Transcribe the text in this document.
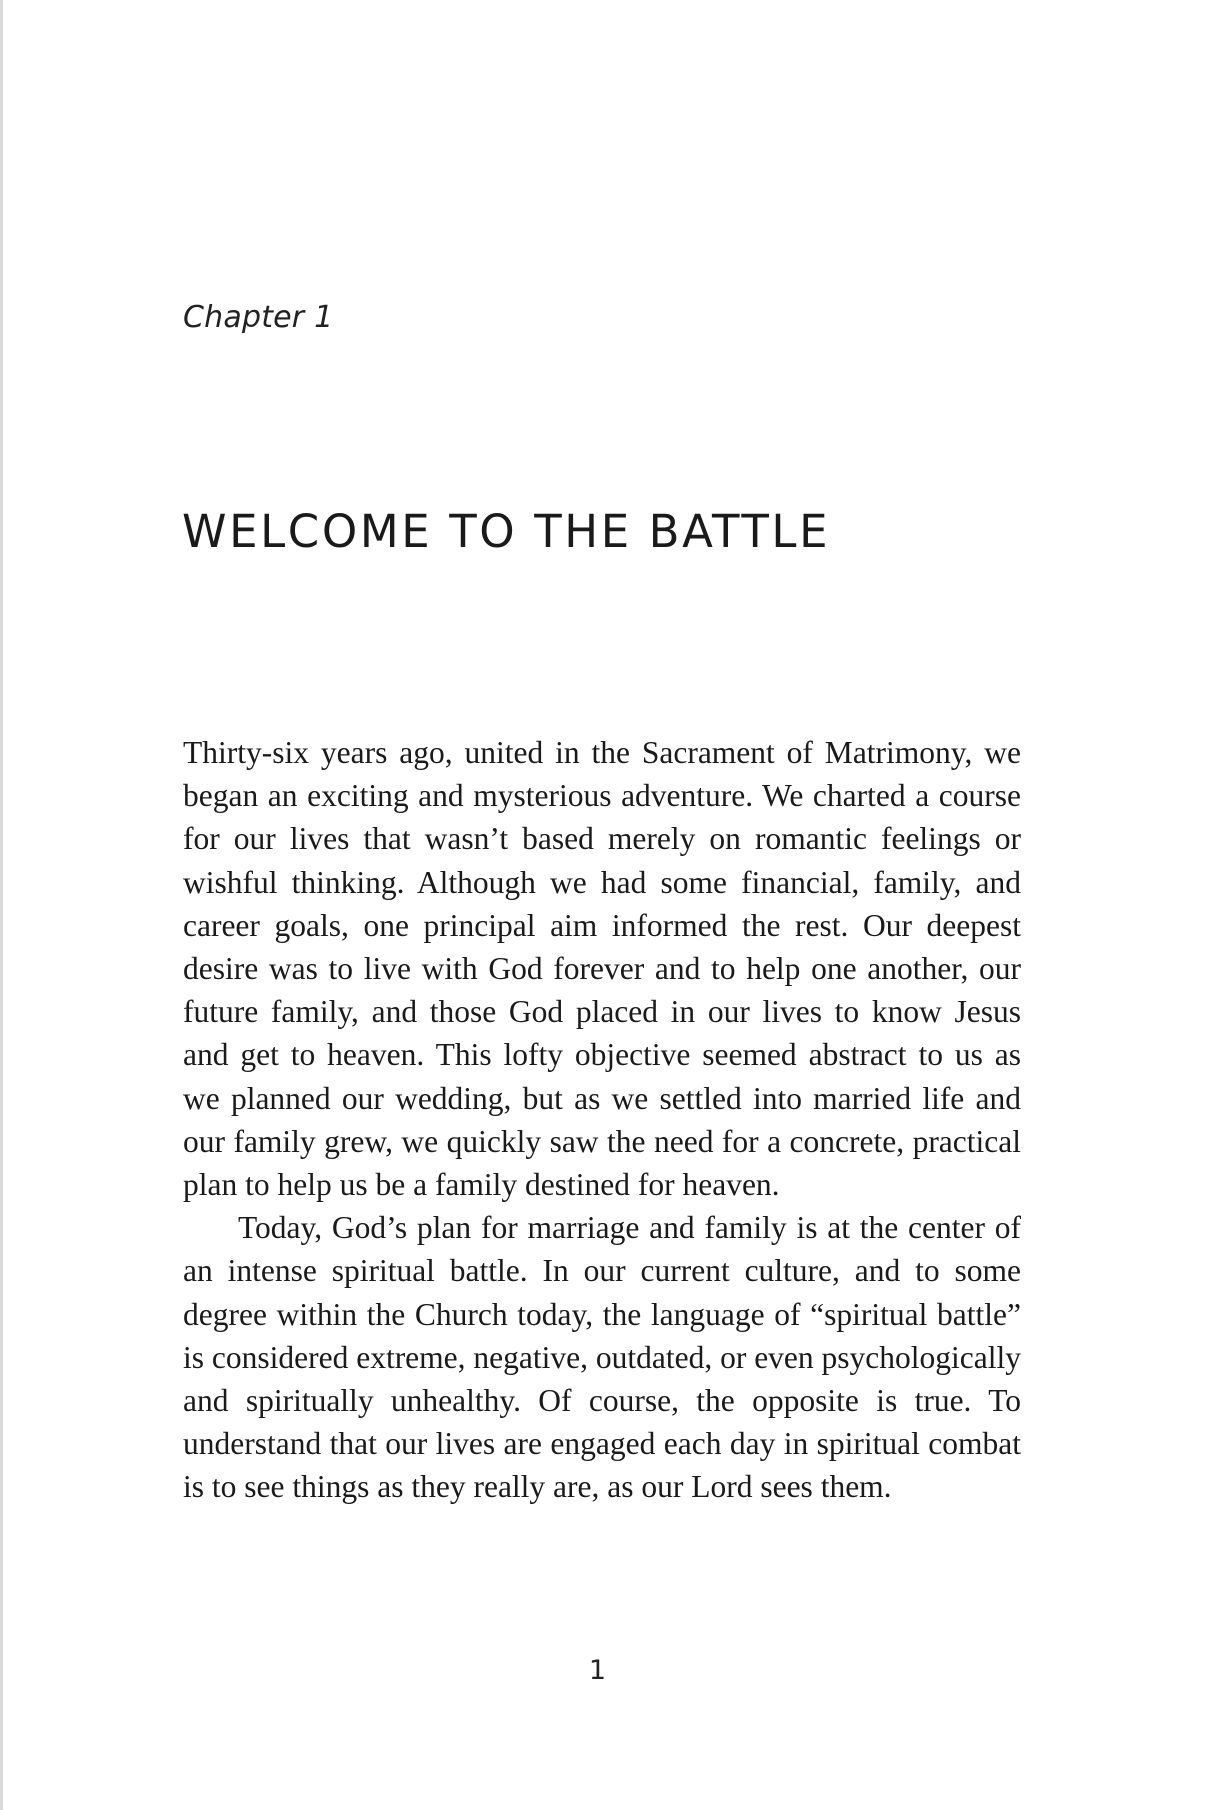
Chapter 1
WELCOME TO THE BATTLE

Thirty-six years ago, united in the Sacrament of Matrimony, we began an exciting and mysterious adventure. We charted a course for our lives that wasn’t based merely on romantic feelings or wishful thinking. Although we had some financial, family, and career goals, one principal aim informed the rest. Our deepest desire was to live with God forever and to help one another, our future family, and those God placed in our lives to know Jesus and get to heaven. This lofty objective seemed abstract to us as we planned our wedding, but as we settled into married life and our family grew, we quickly saw the need for a concrete, practical plan to help us be a family destined for heaven.

Today, God’s plan for marriage and family is at the center of an intense spiritual battle. In our current culture, and to some degree within the Church today, the language of “spiritual battle” is considered extreme, negative, outdated, or even psychologically and spiritually unhealthy. Of course, the opposite is true. To understand that our lives are engaged each day in spiritual combat is to see things as they really are, as our Lord sees them.

1
